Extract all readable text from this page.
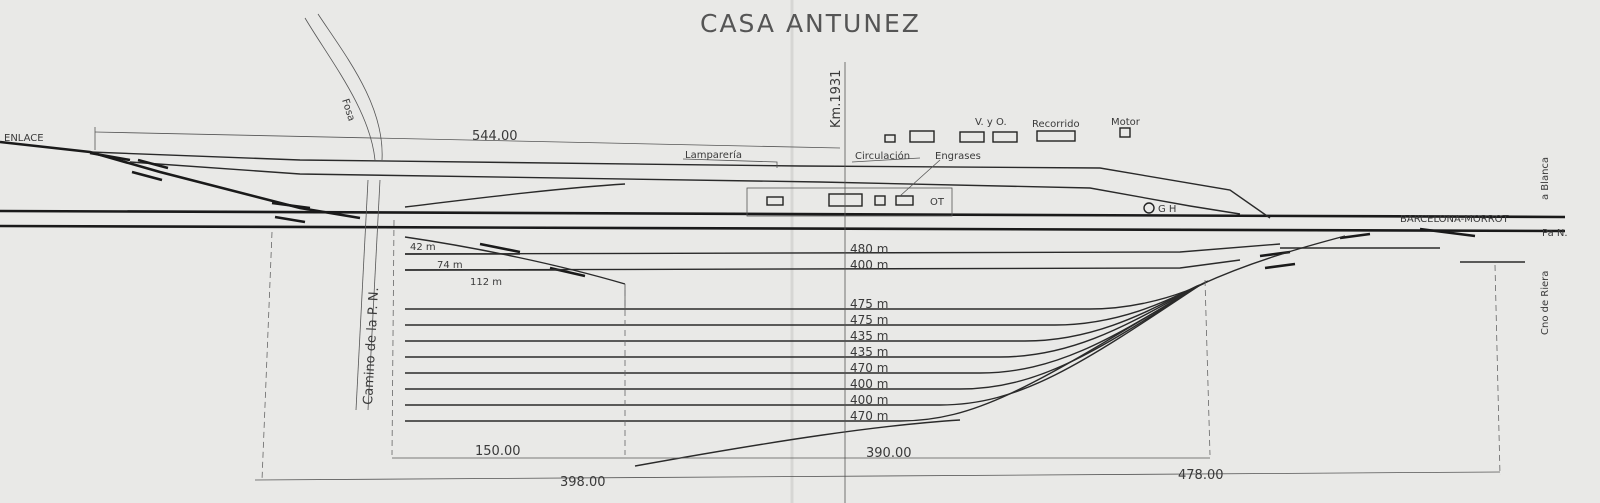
CASA ANTUNEZ
ENLACE
Fosa	Km.1931
544.00
Lamparería	Circulación Engrases
V. y O.	Recorrido	Motor
OT
G H
BARCELONA-MORROT
Pa N.
Cno de Riera
a Blanca
Camino de la P. N.
42 m
74 m
112 m
150.00	390.00
398.00	478.00
480 m
400 m
475 m
475 m
435 m
435 m
470 m
400 m
400 m
470 m
